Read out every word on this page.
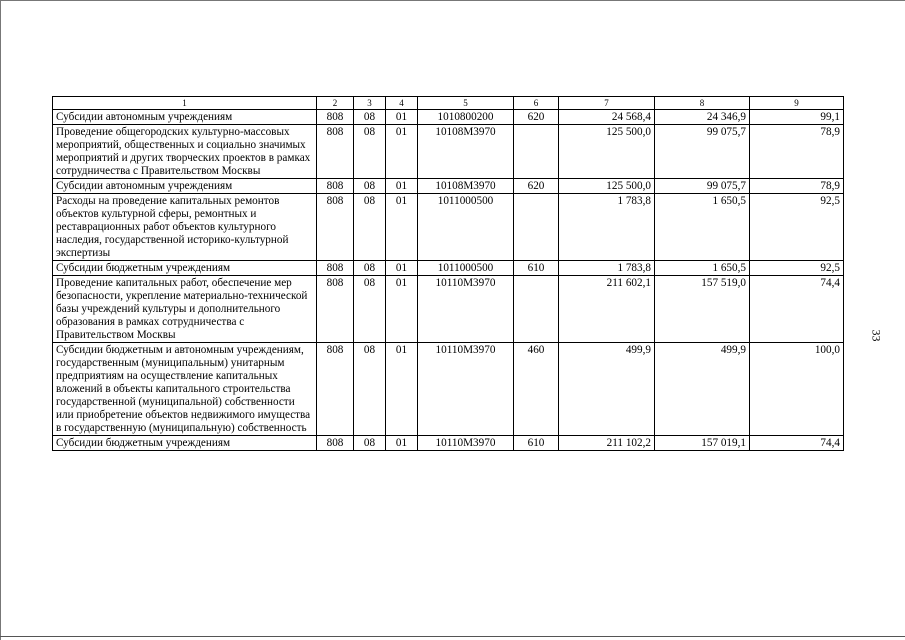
1	2	3	4	5	6	7	8	9
Субсидии автономным учреждениям	808	08	01	1010800200	620	24 568,4	24 346,9	99,1
Проведение общегородских культурно-массовых мероприятий, общественных и социально значимых мероприятий и других творческих проектов в рамках сотрудничества с Правительством Москвы	808	08	01	10108М3970		125 500,0	99 075,7	78,9
Субсидии автономным учреждениям	808	08	01	10108М3970	620	125 500,0	99 075,7	78,9
Расходы на проведение капитальных ремонтов объектов культурной сферы, ремонтных и реставрационных работ объектов культурного наследия, государственной историко-культурной экспертизы	808	08	01	1011000500		1 783,8	1 650,5	92,5
Субсидии бюджетным учреждениям	808	08	01	1011000500	610	1 783,8	1 650,5	92,5
Проведение капитальных работ, обеспечение мер безопасности, укрепление материально-технической базы учреждений культуры и дополнительного образования в рамках сотрудничества с Правительством Москвы	808	08	01	10110М3970		211 602,1	157 519,0	74,4
Субсидии бюджетным и автономным учреждениям, государственным (муниципальным) унитарным предприятиям на осуществление капитальных вложений в объекты капитального строительства государственной (муниципальной) собственности или приобретение объектов недвижимого имущества в государственную (муниципальную) собственность	808	08	01	10110М3970	460	499,9	499,9	100,0
Субсидии бюджетным учреждениям	808	08	01	10110М3970	610	211 102,2	157 019,1	74,4
33
